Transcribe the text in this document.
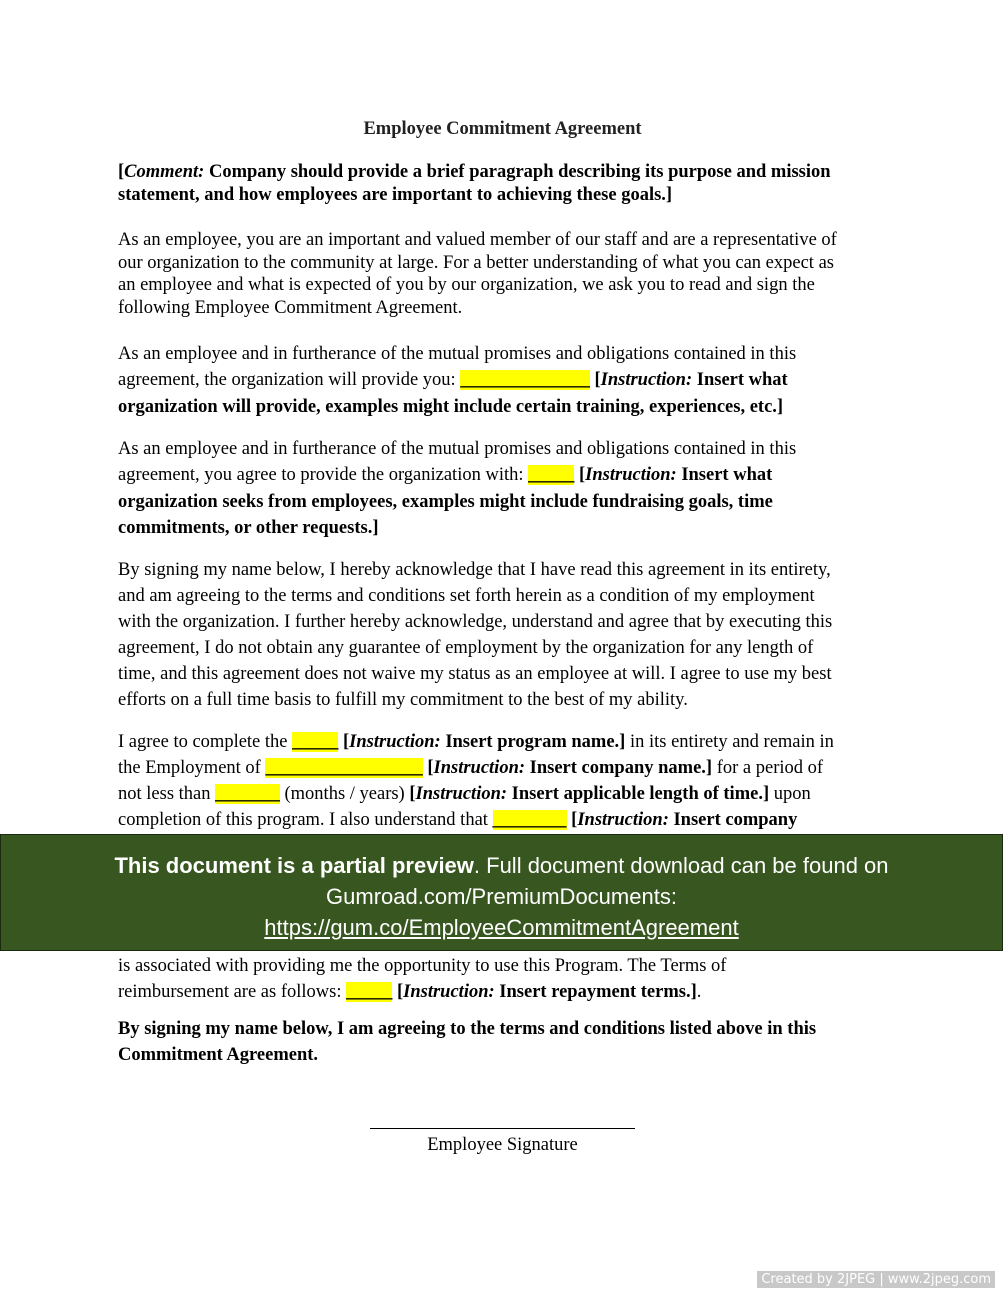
Employee Commitment Agreement
[Comment: Company should provide a brief paragraph describing its purpose and mission
statement, and how employees are important to achieving these goals.]
As an employee, you are an important and valued member of our staff and are a representative of
our organization to the community at large. For a better understanding of what you can expect as
an employee and what is expected of you by our organization, we ask you to read and sign the
following Employee Commitment Agreement.
As an employee and in furtherance of the mutual promises and obligations contained in this
agreement, the organization will provide you: ______________ [Instruction: Insert what
organization will provide, examples might include certain training, experiences, etc.]
As an employee and in furtherance of the mutual promises and obligations contained in this
agreement, you agree to provide the organization with: _____ [Instruction: Insert what
organization seeks from employees, examples might include fundraising goals, time
commitments, or other requests.]
By signing my name below, I hereby acknowledge that I have read this agreement in its entirety,
and am agreeing to the terms and conditions set forth herein as a condition of my employment
with the organization. I further hereby acknowledge, understand and agree that by executing this
agreement, I do not obtain any guarantee of employment by the organization for any length of
time, and this agreement does not waive my status as an employee at will. I agree to use my best
efforts on a full time basis to fulfill my commitment to the best of my ability.
I agree to complete the _____ [Instruction: Insert program name.] in its entirety and remain in
the Employment of _________________ [Instruction: Insert company name.] for a period of
not less than _______ (months / years) [Instruction: Insert applicable length of time.] upon
completion of this program. I also understand that ________ [Instruction: Insert company
is associated with providing me the opportunity to use this Program. The Terms of
reimbursement are as follows: _____ [Instruction: Insert repayment terms.].
By signing my name below, I am agreeing to the terms and conditions listed above in this
Commitment Agreement.
Employee Signature
This document is a partial preview. Full document download can be found on
Gumroad.com/PremiumDocuments:
https://gum.co/EmployeeCommitmentAgreement
Created by 2JPEG | www.2jpeg.com
